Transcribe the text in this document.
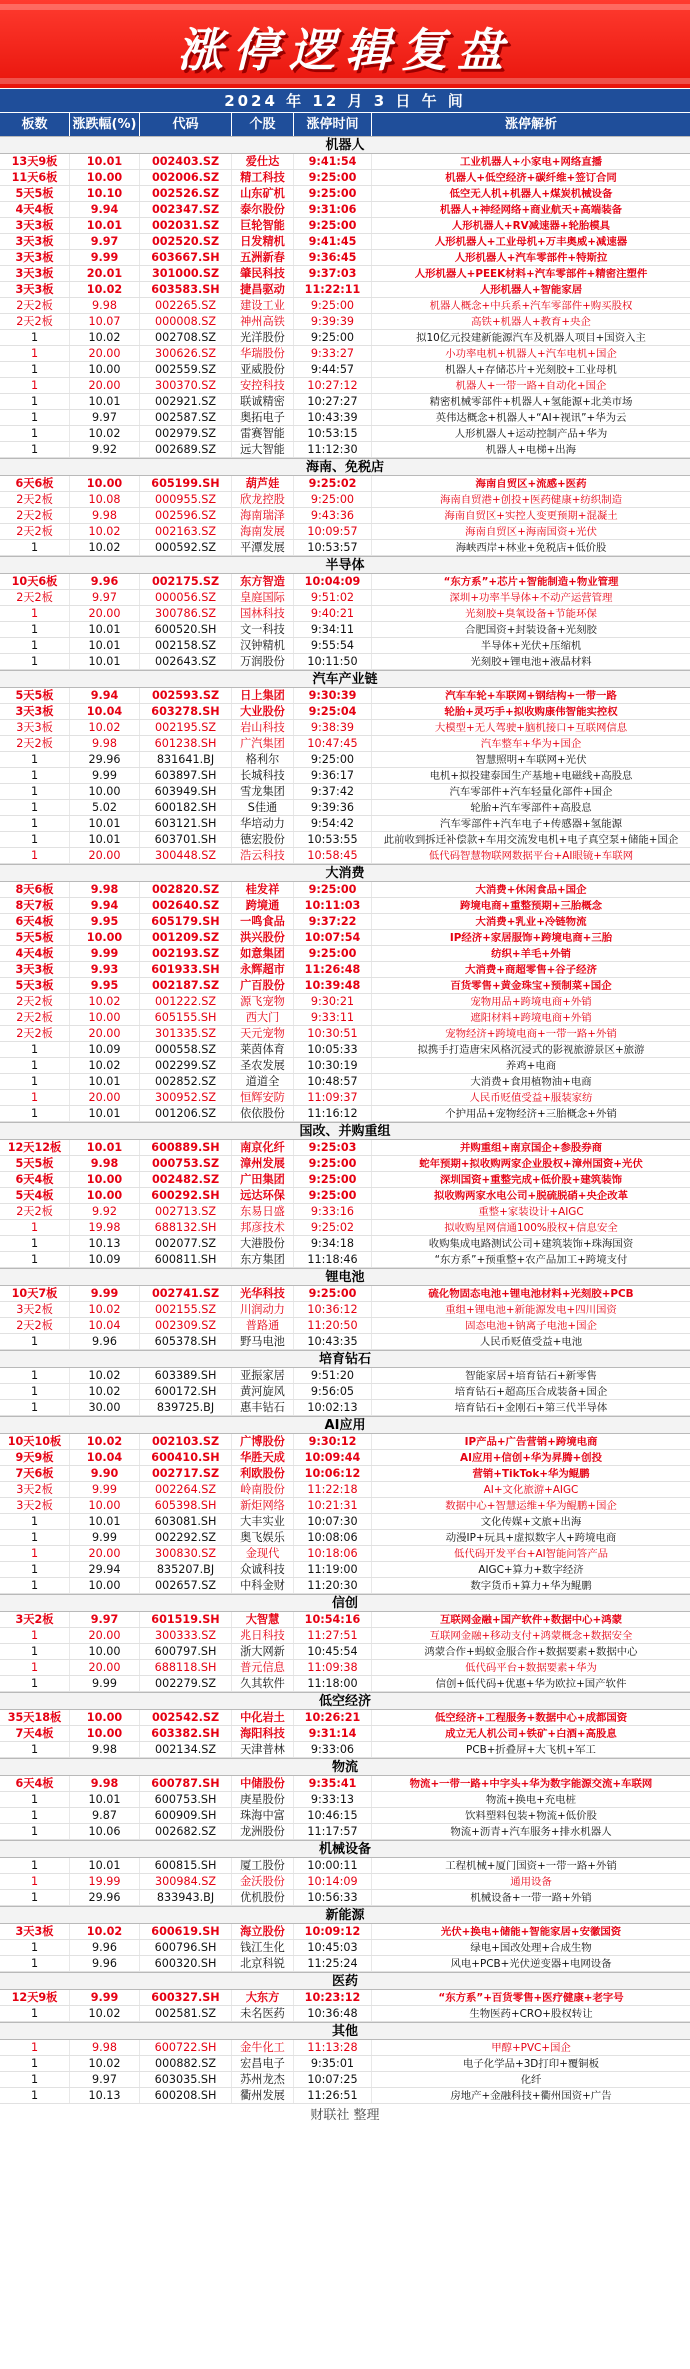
涨停逻辑复盘
2024 年 12 月 3 日 午 间
板数	涨跌幅(%)	代码	个股	涨停时间	涨停解析
机器人
13天9板	10.01	002403.SZ	爱仕达	9:41:54	工业机器人+小家电+网络直播
11天6板	10.00	002006.SZ	精工科技	9:25:00	机器人+低空经济+碳纤维+签订合同
5天5板	10.10	002526.SZ	山东矿机	9:25:00	低空无人机+机器人+煤炭机械设备
4天4板	9.94	002347.SZ	泰尔股份	9:31:06	机器人+神经网络+商业航天+高端装备
3天3板	10.01	002031.SZ	巨轮智能	9:25:00	人形机器人+RV减速器+轮胎模具
3天3板	9.97	002520.SZ	日发精机	9:41:45	人形机器人+工业母机+万丰奥威+减速器
3天3板	9.99	603667.SH	五洲新春	9:36:45	人形机器人+汽车零部件+特斯拉
3天3板	20.01	301000.SZ	肇民科技	9:37:03	人形机器人+PEEK材料+汽车零部件+精密注塑件
3天3板	10.02	603583.SH	捷昌驱动	11:22:11	人形机器人+智能家居
2天2板	9.98	002265.SZ	建设工业	9:25:00	机器人概念+中兵系+汽车零部件+购买股权
2天2板	10.07	000008.SZ	神州高铁	9:39:39	高铁+机器人+教育+央企
1	10.02	002708.SZ	光洋股份	9:25:00	拟10亿元投建新能源汽车及机器人项目+国资入主
1	20.00	300626.SZ	华瑞股份	9:33:27	小功率电机+机器人+汽车电机+国企
1	10.00	002559.SZ	亚威股份	9:44:57	机器人+存储芯片+光刻胶+工业母机
1	20.00	300370.SZ	安控科技	10:27:12	机器人+一带一路+自动化+国企
1	10.01	002921.SZ	联诚精密	10:27:27	精密机械零部件+机器人+氢能源+北美市场
1	9.97	002587.SZ	奥拓电子	10:43:39	英伟达概念+机器人+“AI+视讯”+华为云
1	10.02	002979.SZ	雷赛智能	10:53:15	人形机器人+运动控制产品+华为
1	9.92	002689.SZ	远大智能	11:12:30	机器人+电梯+出海
海南、免税店
6天6板	10.00	605199.SH	葫芦娃	9:25:02	海南自贸区+流感+医药
2天2板	10.08	000955.SZ	欣龙控股	9:25:00	海南自贸港+创投+医药健康+纺织制造
2天2板	9.98	002596.SZ	海南瑞泽	9:43:36	海南自贸区+实控人变更预期+混凝土
2天2板	10.02	002163.SZ	海南发展	10:09:57	海南自贸区+海南国资+光伏
1	10.02	000592.SZ	平潭发展	10:53:57	海峡西岸+林业+免税店+低价股
半导体
10天6板	9.96	002175.SZ	东方智造	10:04:09	“东方系”+芯片+智能制造+物业管理
2天2板	9.97	000056.SZ	皇庭国际	9:51:02	深圳+功率半导体+不动产运营管理
1	20.00	300786.SZ	国林科技	9:40:21	光刻胶+臭氧设备+节能环保
1	10.01	600520.SH	文一科技	9:34:11	合肥国资+封装设备+光刻胶
1	10.01	002158.SZ	汉钟精机	9:55:54	半导体+光伏+压缩机
1	10.01	002643.SZ	万润股份	10:11:50	光刻胶+锂电池+液晶材料
汽车产业链
5天5板	9.94	002593.SZ	日上集团	9:30:39	汽车车轮+车联网+钢结构+一带一路
3天3板	10.04	603278.SH	大业股份	9:25:04	轮胎+灵巧手+拟收购康伟智能实控权
3天3板	10.02	002195.SZ	岩山科技	9:38:39	大模型+无人驾驶+脑机接口+互联网信息
2天2板	9.98	601238.SH	广汽集团	10:47:45	汽车整车+华为+国企
1	29.96	831641.BJ	格利尔	9:25:00	智慧照明+车联网+光伏
1	9.99	603897.SH	长城科技	9:36:17	电机+拟投建泰国生产基地+电磁线+高股息
1	10.00	603949.SH	雪龙集团	9:37:42	汽车零部件+汽车轻量化部件+国企
1	5.02	600182.SH	S佳通	9:39:36	轮胎+汽车零部件+高股息
1	10.01	603121.SH	华培动力	9:54:42	汽车零部件+汽车电子+传感器+氢能源
1	10.01	603701.SH	德宏股份	10:53:55	此前收到拆迁补偿款+车用交流发电机+电子真空泵+储能+国企
1	20.00	300448.SZ	浩云科技	10:58:45	低代码智慧物联网数据平台+AI眼镜+车联网
大消费
8天6板	9.98	002820.SZ	桂发祥	9:25:00	大消费+休闲食品+国企
8天7板	9.94	002640.SZ	跨境通	10:11:03	跨境电商+重整预期+三胎概念
6天4板	9.95	605179.SH	一鸣食品	9:37:22	大消费+乳业+冷链物流
5天5板	10.00	001209.SZ	洪兴股份	10:07:54	IP经济+家居服饰+跨境电商+三胎
4天4板	9.99	002193.SZ	如意集团	9:25:00	纺织+羊毛+外销
3天3板	9.93	601933.SH	永辉超市	11:26:48	大消费+商超零售+谷子经济
5天3板	9.95	002187.SZ	广百股份	10:39:48	百货零售+黄金珠宝+预制菜+国企
2天2板	10.02	001222.SZ	源飞宠物	9:30:21	宠物用品+跨境电商+外销
2天2板	10.00	605155.SH	西大门	9:33:11	遮阳材料+跨境电商+外销
2天2板	20.00	301335.SZ	天元宠物	10:30:51	宠物经济+跨境电商+一带一路+外销
1	10.09	000558.SZ	莱茵体育	10:05:33	拟携手打造唐宋风格沉浸式的影视旅游景区+旅游
1	10.02	002299.SZ	圣农发展	10:30:19	养鸡+电商
1	10.01	002852.SZ	道道全	10:48:57	大消费+食用植物油+电商
1	20.00	300952.SZ	恒辉安防	11:09:37	人民币贬值受益+服装家纺
1	10.01	001206.SZ	依依股份	11:16:12	个护用品+宠物经济+三胎概念+外销
国改、并购重组
12天12板	10.01	600889.SH	南京化纤	9:25:03	并购重组+南京国企+参股券商
5天5板	9.98	000753.SZ	漳州发展	9:25:00	蛇年预期+拟收购两家企业股权+漳州国资+光伏
6天4板	10.00	002482.SZ	广田集团	9:25:00	深圳国资+重整完成+低价股+建筑装饰
5天4板	10.00	600292.SH	远达环保	9:25:00	拟收购两家水电公司+脱硫脱硝+央企改革
2天2板	9.92	002713.SZ	东易日盛	9:33:16	重整+家装设计+AIGC
1	19.98	688132.SH	邦彦技术	9:25:02	拟收购星网信通100%股权+信息安全
1	10.13	002077.SZ	大港股份	9:34:18	收购集成电路测试公司+建筑装饰+珠海国资
1	10.09	600811.SH	东方集团	11:18:46	“东方系”+预重整+农产品加工+跨境支付
锂电池
10天7板	9.99	002741.SZ	光华科技	9:25:00	硫化物固态电池+锂电池材料+光刻胶+PCB
3天2板	10.02	002155.SZ	川润动力	10:36:12	重组+锂电池+新能源发电+四川国资
2天2板	10.04	002309.SZ	普路通	11:20:50	固态电池+钠离子电池+国企
1	9.96	605378.SH	野马电池	10:43:35	人民币贬值受益+电池
培育钻石
1	10.02	603389.SH	亚振家居	9:51:20	智能家居+培育钻石+新零售
1	10.02	600172.SH	黄河旋风	9:56:05	培育钻石+超高压合成装备+国企
1	30.00	839725.BJ	惠丰钻石	10:02:13	培育钻石+金刚石+第三代半导体
AI应用
10天10板	10.02	002103.SZ	广博股份	9:30:12	IP产品+广告营销+跨境电商
9天9板	10.04	600410.SH	华胜天成	10:09:44	AI应用+信创+华为昇腾+创投
7天6板	9.90	002717.SZ	利欧股份	10:06:12	营销+TikTok+华为鲲鹏
3天2板	9.99	002264.SZ	岭南股份	11:22:18	AI+文化旅游+AIGC
3天2板	10.00	605398.SH	新炬网络	10:21:31	数据中心+智慧运维+华为鲲鹏+国企
1	10.01	603081.SH	大丰实业	10:07:30	文化传媒+文旅+出海
1	9.99	002292.SZ	奥飞娱乐	10:08:06	动漫IP+玩具+虚拟数字人+跨境电商
1	20.00	300830.SZ	金现代	10:18:06	低代码开发平台+AI智能问答产品
1	29.94	835207.BJ	众诚科技	11:19:00	AIGC+算力+数字经济
1	10.00	002657.SZ	中科金财	11:20:30	数字货币+算力+华为鲲鹏
信创
3天2板	9.97	601519.SH	大智慧	10:54:16	互联网金融+国产软件+数据中心+鸿蒙
1	20.00	300333.SZ	兆日科技	11:27:51	互联网金融+移动支付+鸿蒙概念+数据安全
1	10.00	600797.SH	浙大网新	10:45:54	鸿蒙合作+蚂蚁金服合作+数据要素+数据中心
1	20.00	688118.SH	普元信息	11:09:38	低代码平台+数据要素+华为
1	9.99	002279.SZ	久其软件	11:18:00	信创+低代码+优惠+华为欧拉+国产软件
低空经济
35天18板	10.00	002542.SZ	中化岩土	10:26:21	低空经济+工程服务+数据中心+成都国资
7天4板	10.00	603382.SH	海阳科技	9:31:14	成立无人机公司+铁矿+白酒+高股息
1	9.98	002134.SZ	天津普林	9:33:06	PCB+折叠屏+大飞机+军工
物流
6天4板	9.98	600787.SH	中储股份	9:35:41	物流+一带一路+中字头+华为数字能源交流+车联网
1	10.01	600753.SH	庚星股份	9:33:13	物流+换电+充电桩
1	9.87	600909.SH	珠海中富	10:46:15	饮料塑料包装+物流+低价股
1	10.06	002682.SZ	龙洲股份	11:17:57	物流+沥青+汽车服务+排水机器人
机械设备
1	10.01	600815.SH	厦工股份	10:00:11	工程机械+厦门国资+一带一路+外销
1	19.99	300984.SZ	金沃股份	10:14:09	通用设备
1	29.96	833943.BJ	优机股份	10:56:33	机械设备+一带一路+外销
新能源
3天3板	10.02	600619.SH	海立股份	10:09:12	光伏+换电+储能+智能家居+安徽国资
1	9.96	600796.SH	钱江生化	10:45:03	绿电+国改处理+合成生物
1	9.96	600320.SH	北京科锐	11:25:24	风电+PCB+光伏逆变器+电网设备
医药
12天9板	9.99	600327.SH	大东方	10:23:12	“东方系”+百货零售+医疗健康+老字号
1	10.02	002581.SZ	未名医药	10:36:48	生物医药+CRO+股权转让
其他
1	9.98	600722.SH	金牛化工	11:13:28	甲醇+PVC+国企
1	10.02	000882.SZ	宏昌电子	9:35:01	电子化学品+3D打印+覆铜板
1	9.97	603035.SH	苏州龙杰	10:07:25	化纤
1	10.13	600208.SH	衢州发展	11:26:51	房地产+金融科技+衢州国资+广告
财联社 整理
